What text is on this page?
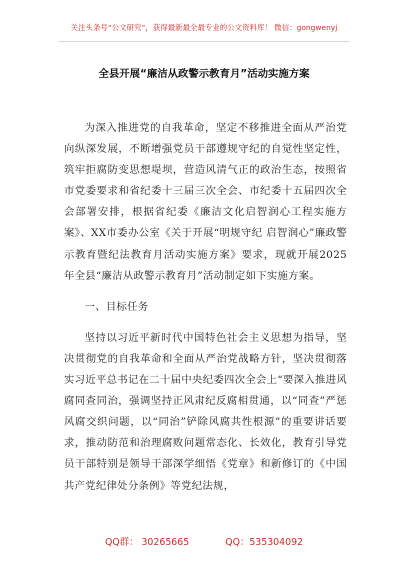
关注头条号“公文研究”，获得最新最全最专业的公文资料库！ 微信：gongwenyj
全县开展“廉洁从政警示教育月”活动实施方案

为深入推进党的自我革命，坚定不移推进全面从严治党向纵深发展，不断增强党员干部遵规守纪的自觉性坚定性，筑牢拒腐防变思想堤坝，营造风清气正的政治生态，按照省市党委要求和省纪委十三届三次全会、市纪委十五届四次全会部署安排，根据省纪委《廉洁文化启智润心工程实施方案》、XX市委办公室《关于开展“明规守纪 启智润心”廉政警示教育暨纪法教育月活动实施方案》要求，现就开展2025年全县“廉洁从政警示教育月”活动制定如下实施方案。

一、目标任务

坚持以习近平新时代中国特色社会主义思想为指导，坚决贯彻党的自我革命和全面从严治党战略方针，坚决贯彻落实习近平总书记在二十届中央纪委四次全会上“要深入推进风腐同查同治，强调坚持正风肃纪反腐相贯通，以“同查”严惩风腐交织问题，以“同治”铲除风腐共性根源”的重要讲话要求，推动防范和治理腐败问题常态化、长效化，教育引导党员干部特别是领导干部深学细悟《党章》和新修订的《中国共产党纪律处分条例》等党纪法规，

QQ群： 30265665	QQ：535304092
